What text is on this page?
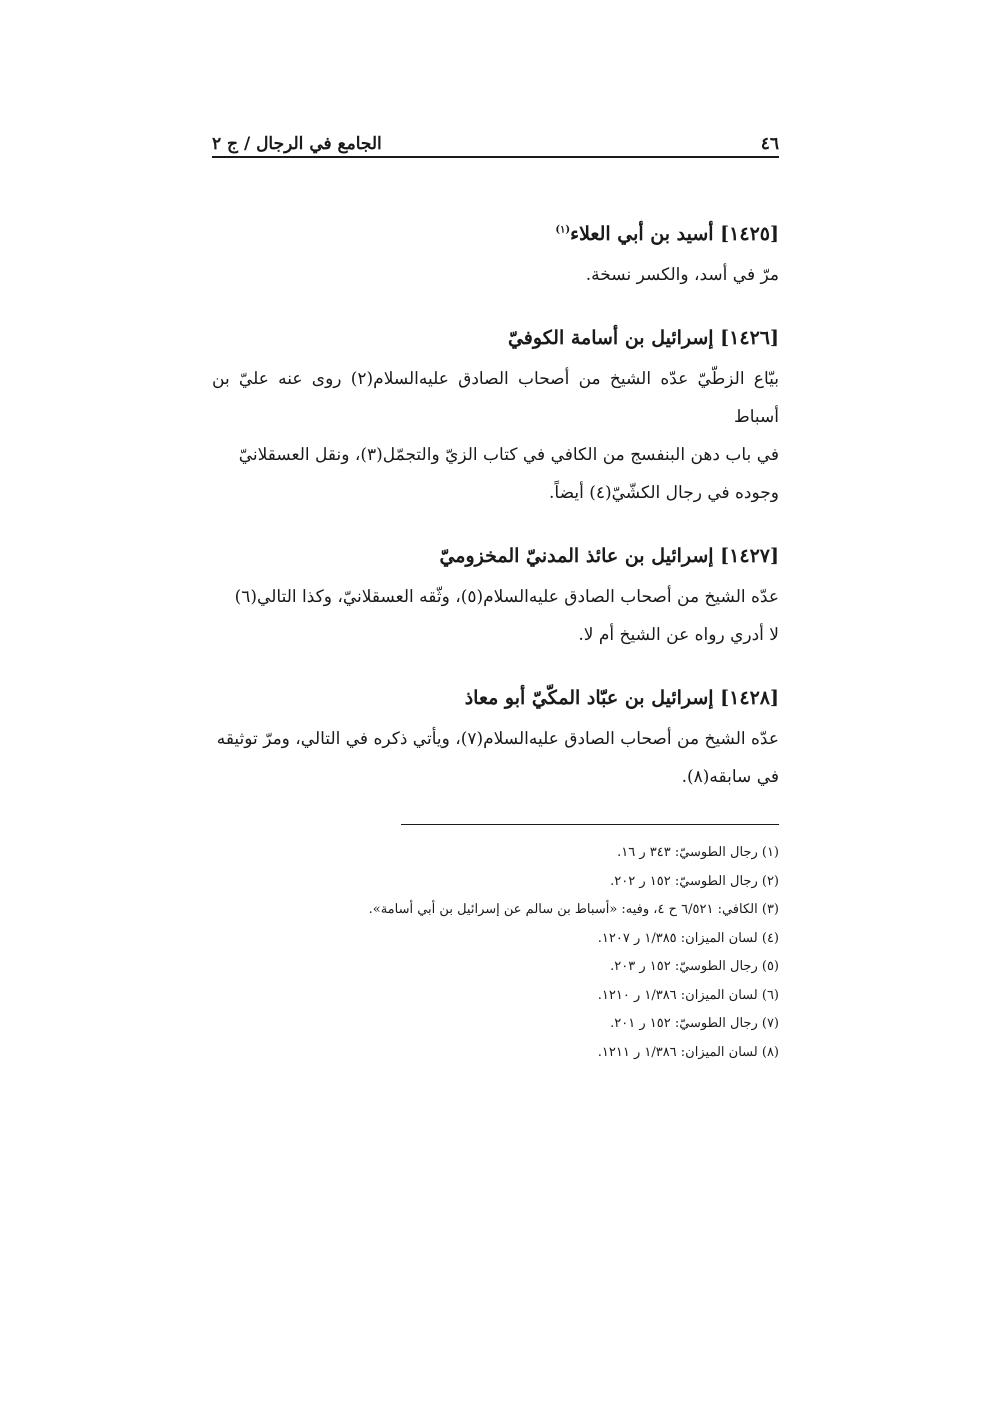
٤٦
الجامع في الرجال / ج ٢
[١٤٢٥] أسيد بن أبي العلاء$^{(١)}$

مرّ في أسد، والكسر نسخة.

[١٤٢٦] إسرائيل بن أسامة الكوفيّ

بيّاع الزطّيّ عدّه الشيخ من أصحاب الصادق عليه‌السلام(٢) روى عنه عليّ بن أسباط

في باب دهن البنفسج من الكافي في كتاب الزيّ والتجمّل(٣)، ونقل العسقلانيّ

وجوده في رجال الكشّيّ(٤) أيضاً.

[١٤٢٧] إسرائيل بن عائذ المدنيّ المخزوميّ

عدّه الشيخ من أصحاب الصادق عليه‌السلام(٥)، وثّقه العسقلانيّ، وكذا التالي(٦)

لا أدري رواه عن الشيخ أم لا.

[١٤٢٨] إسرائيل بن عبّاد المكّيّ أبو معاذ

عدّه الشيخ من أصحاب الصادق عليه‌السلام(٧)، ويأتي ذكره في التالي، ومرّ توثيقه

في سابقه(٨).

(١) رجال الطوسيّ: ٣٤٣ ر ١٦.
(٢) رجال الطوسيّ: ١٥٢ ر ٢٠٢.
(٣) الكافي: ٦/٥٢١ ح ٤، وفيه: «أسباط بن سالم عن إسرائيل بن أبي أسامة».
(٤) لسان الميزان: ١/٣٨٥ ر ١٢٠٧.
(٥) رجال الطوسيّ: ١٥٢ ر ٢٠٣.
(٦) لسان الميزان: ١/٣٨٦ ر ١٢١٠.
(٧) رجال الطوسيّ: ١٥٢ ر ٢٠١.
(٨) لسان الميزان: ١/٣٨٦ ر ١٢١١.
